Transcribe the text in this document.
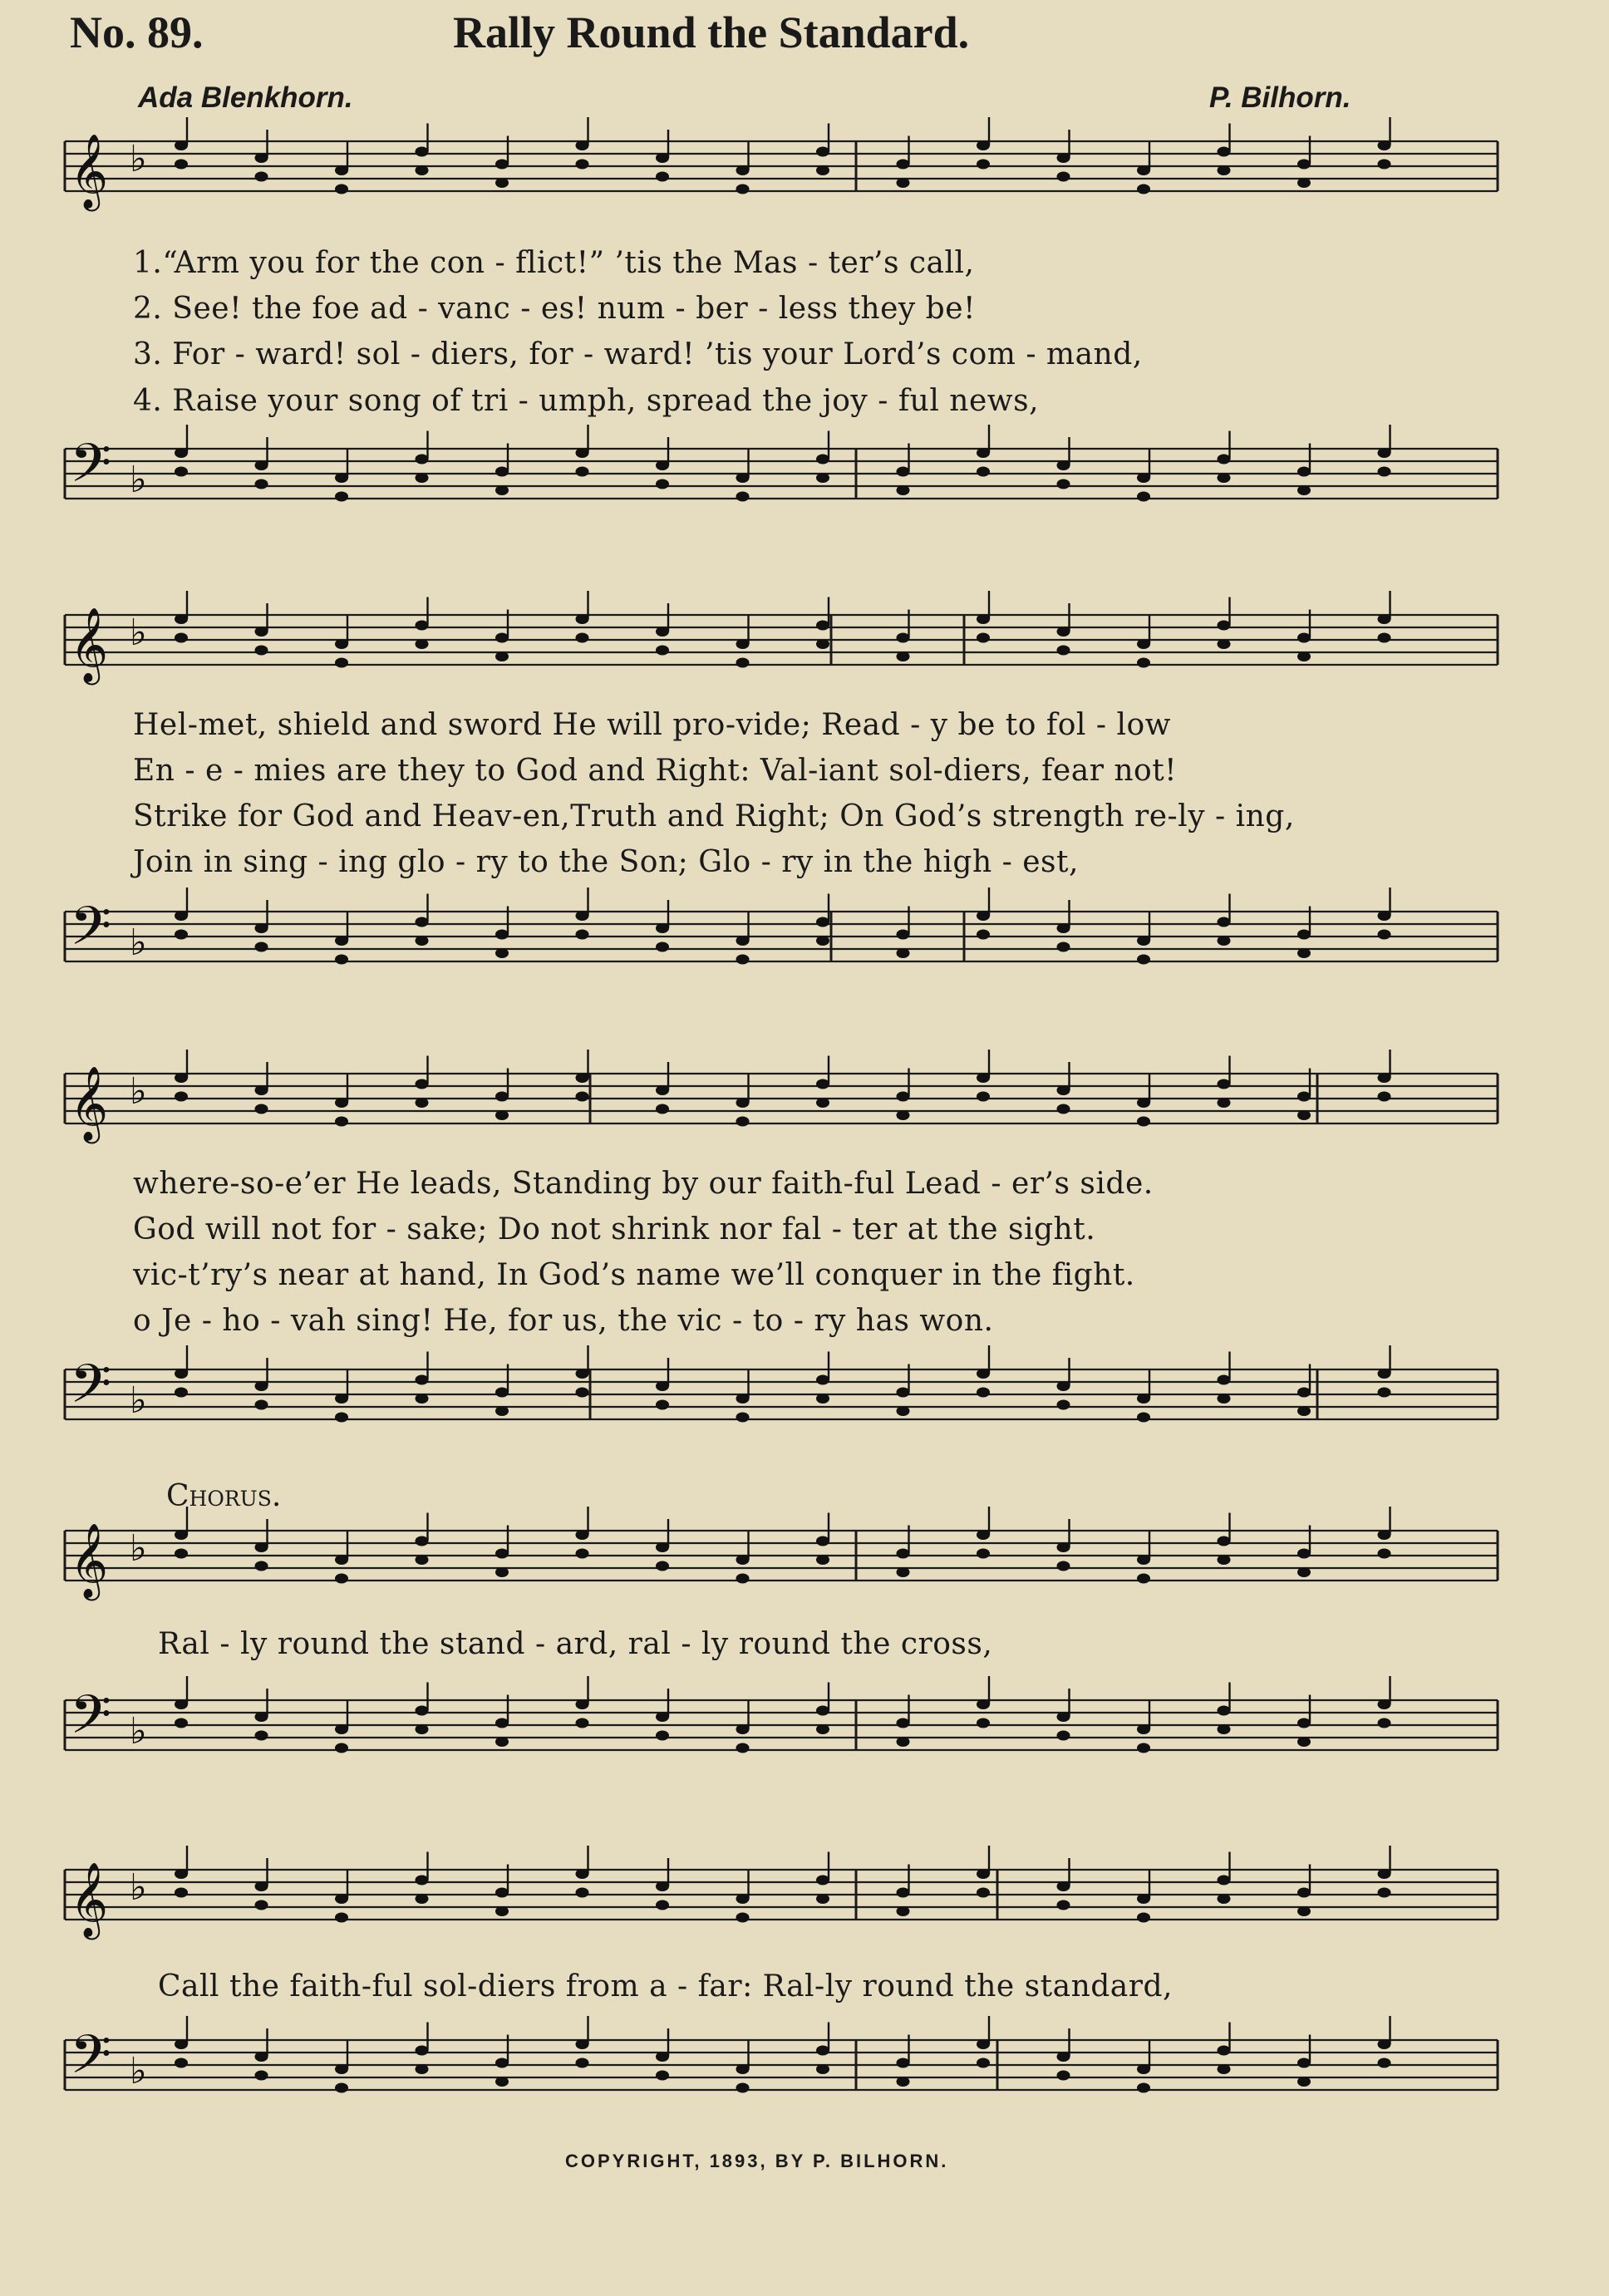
No. 89.	Rally Round the Standard.
Ada Blenkhorn.	P. Bilhorn.
𝄞 ♭
𝄢 ♭
1.“Arm you for the con - flict!” ’tis the Mas - ter’s call,
2. See! the foe ad - vanc - es! num - ber - less they be!
3. For - ward! sol - diers, for - ward! ’tis your Lord’s com - mand,
4. Raise your song of tri - umph, spread the joy - ful news,
𝄞 ♭
𝄢 ♭
Hel-met, shield and sword He will pro-vide; Read - y be to fol - low
En - e - mies are they to God and Right: Val-iant sol-diers, fear not!
Strike for God and Heav-en,Truth and Right; On God’s strength re-ly - ing,
Join in sing - ing glo - ry to the Son; Glo - ry in the high - est,
𝄞 ♭
𝄢 ♭
where-so-e’er He leads, Standing by our faith-ful Lead - er’s side.
God will not for - sake; Do not shrink nor fal - ter at the sight.
vic-t’ry’s near at hand, In God’s name we’ll conquer in the fight.
o Je - ho - vah sing! He, for us, the vic - to - ry has won.
Chorus.
𝄞 ♭
Ral - ly round the stand - ard, ral - ly round the cross,
𝄢 ♭
𝄞 ♭
Call the faith-ful sol-diers from a - far: Ral-ly round the standard,
𝄢 ♭
COPYRIGHT, 1893, BY P. BILHORN.
